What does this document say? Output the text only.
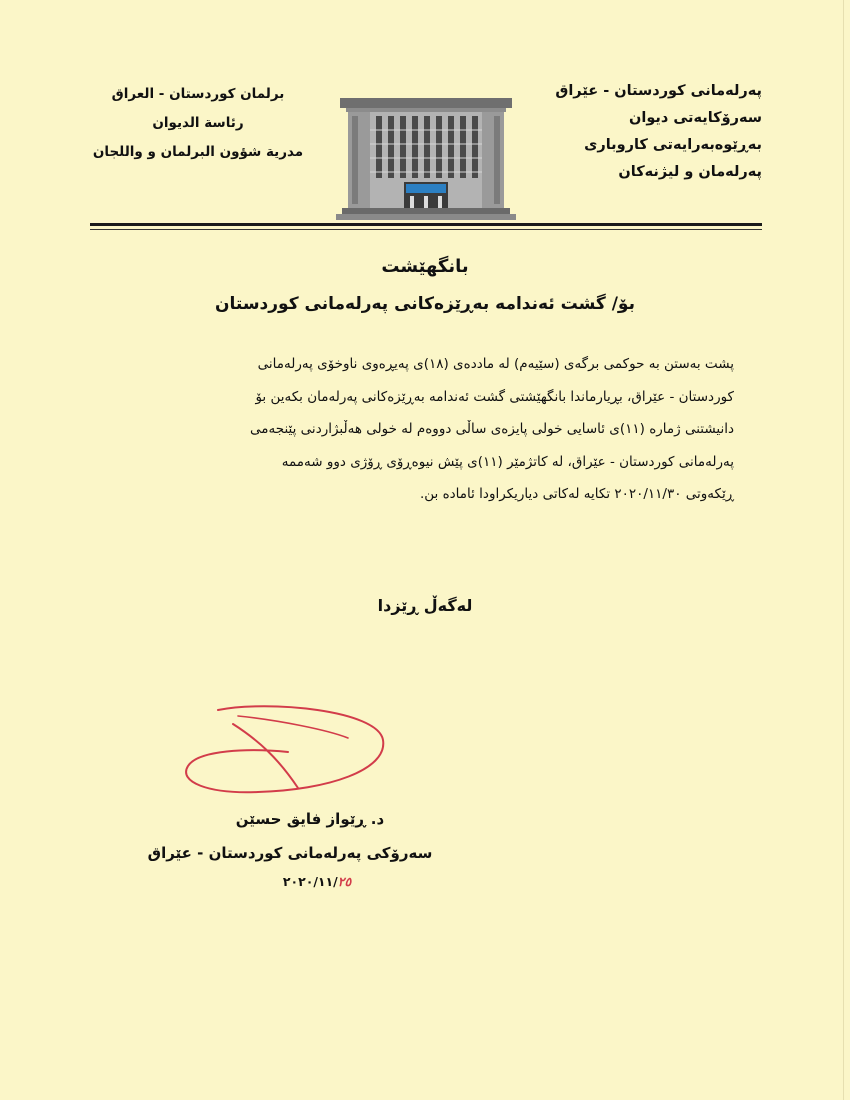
پەرلەمانی كوردستان - عێراق
سەرۆكایەتی دیوان
بەڕێوەبەرایەتی كاروباری
پەرلەمان و لیژنەكان
برلمان كوردستان - العراق
رئاسة الديوان
مدرية شؤون البرلمان و واللجان
بانگهێشت
بۆ/ گشت ئەندامە بەڕێزەكانی پەرلەمانی كوردستان

پشت بەستن بە حوكمی برگەی (سێیەم) لە ماددەی (١٨)ی پەیڕەوی ناوخۆی پەرلەمانی

كوردستان - عێراق، بڕیارماندا بانگهێشتی گشت ئەندامە بەڕێزەكانی پەرلەمان بكەین بۆ

دانیشتنی ژمارە (١١)ی ئاسایی خولی پایزەی ساڵی دووەم لە خولی هەڵبژاردنی پێنجەمی

پەرلەمانی كوردستان - عێراق، لە كاتژمێر (١١)ی پێش نیوەڕۆی ڕۆژی دوو شەممە

ڕێكەوتی ٢٠٢٠/١١/٣٠ تكایە لەكاتی دیاریكراودا ئامادە بن.

لەگەڵ ڕێزدا
د. ڕێواز فایق حسێن
سەرۆكی پەرلەمانی كوردستان - عێراق
٢٠٢٠/١١/٢٥
